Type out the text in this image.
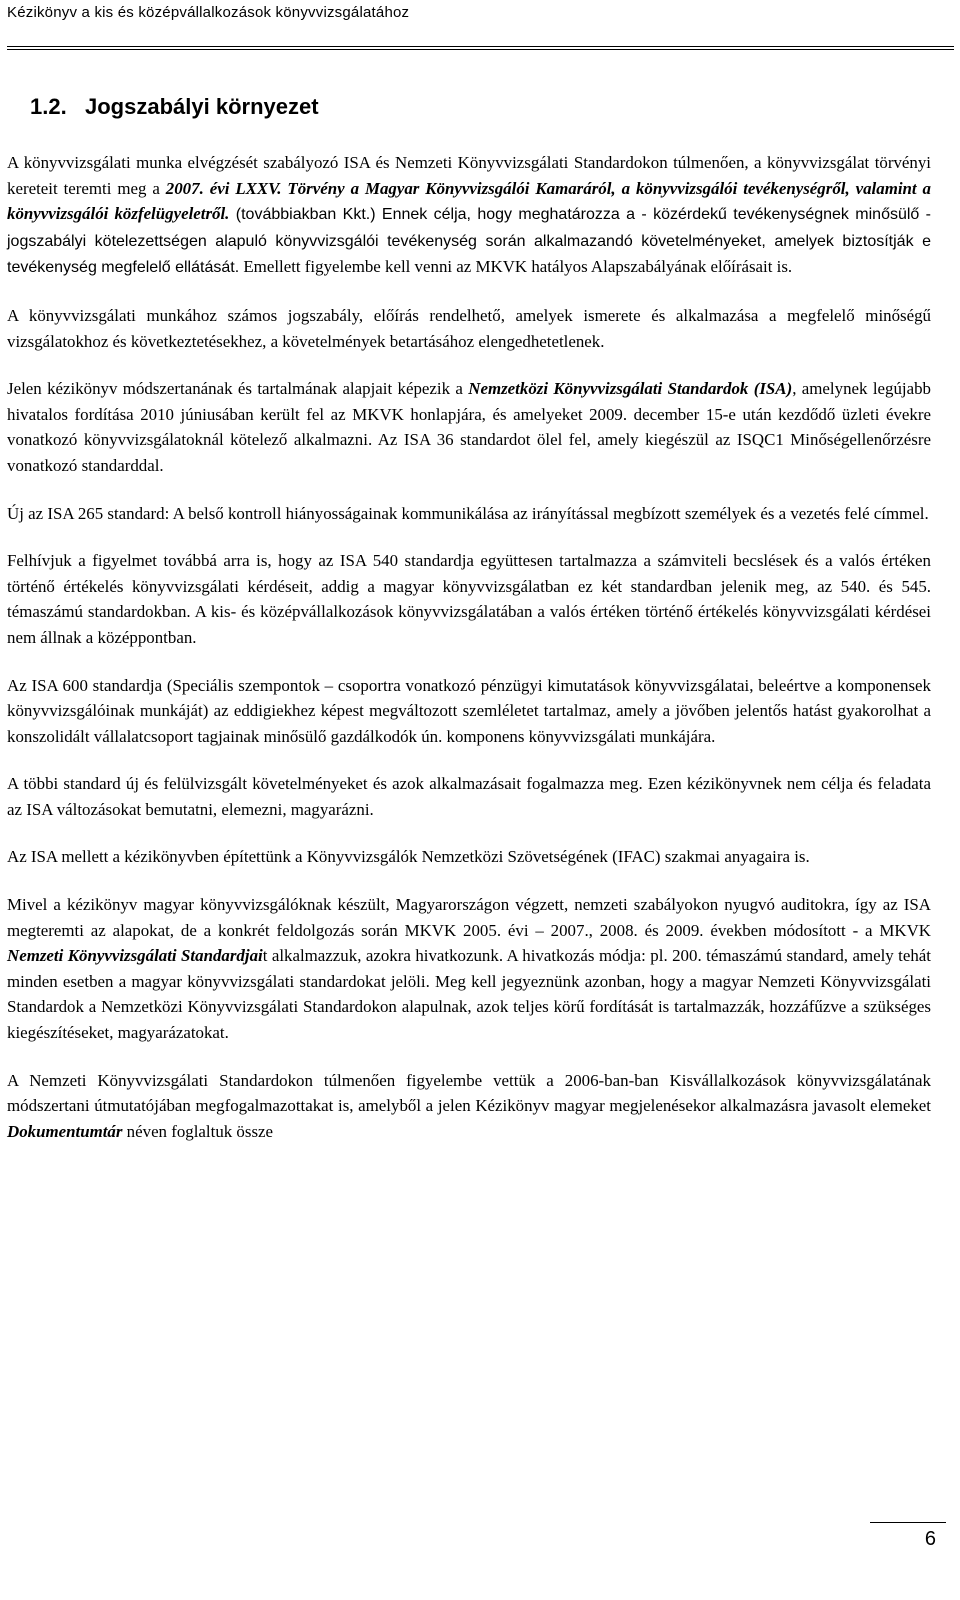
Kézikönyv a kis és középvállalkozások könyvvizsgálatához
1.2. Jogszabályi környezet

A könyvvizsgálati munka elvégzését szabályozó ISA és Nemzeti Könyvvizsgálati Standardokon túlmenően, a könyvvizsgálat törvényi kereteit teremti meg a 2007. évi LXXV. Törvény a Magyar Könyvvizsgálói Kamaráról, a könyvvizsgálói tevékenységről, valamint a könyvvizsgálói közfelügyeletről. (továbbiakban Kkt.) Ennek célja, hogy meghatározza a - közérdekű tevékenységnek minősülő - jogszabályi kötelezettségen alapuló könyvvizsgálói tevékenység során alkalmazandó követelményeket, amelyek biztosítják e tevékenység megfelelő ellátását. Emellett figyelembe kell venni az MKVK hatályos Alapszabályának előírásait is.

A könyvvizsgálati munkához számos jogszabály, előírás rendelhető, amelyek ismerete és alkalmazása a megfelelő minőségű vizsgálatokhoz és következtetésekhez, a követelmények betartásához elengedhetetlenek.

Jelen kézikönyv módszertanának és tartalmának alapjait képezik a Nemzetközi Könyvvizsgálati Standardok (ISA), amelynek legújabb hivatalos fordítása 2010 júniusában került fel az MKVK honlapjára, és amelyeket 2009. december 15-e után kezdődő üzleti évekre vonatkozó könyvvizsgálatoknál kötelező alkalmazni. Az ISA 36 standardot ölel fel, amely kiegészül az ISQC1 Minőségellenőrzésre vonatkozó standarddal.

Új az ISA 265 standard: A belső kontroll hiányosságainak kommunikálása az irányítással megbízott személyek és a vezetés felé címmel.

Felhívjuk a figyelmet továbbá arra is, hogy az ISA 540 standardja együttesen tartalmazza a számviteli becslések és a valós értéken történő értékelés könyvvizsgálati kérdéseit, addig a magyar könyvvizsgálatban ez két standardban jelenik meg, az 540. és 545. témaszámú standardokban. A kis- és középvállalkozások könyvvizsgálatában a valós értéken történő értékelés könyvvizsgálati kérdései nem állnak a középpontban.

Az ISA 600 standardja (Speciális szempontok – csoportra vonatkozó pénzügyi kimutatások könyvvizsgálatai, beleértve a komponensek könyvvizsgálóinak munkáját) az eddigiekhez képest megváltozott szemléletet tartalmaz, amely a jövőben jelentős hatást gyakorolhat a konszolidált vállalatcsoport tagjainak minősülő gazdálkodók ún. komponens könyvvizsgálati munkájára.

A többi standard új és felülvizsgált követelményeket és azok alkalmazásait fogalmazza meg. Ezen kézikönyvnek nem célja és feladata az ISA változásokat bemutatni, elemezni, magyarázni.

Az ISA mellett a kézikönyvben építettünk a Könyvvizsgálók Nemzetközi Szövetségének (IFAC) szakmai anyagaira is.

Mivel a kézikönyv magyar könyvvizsgálóknak készült, Magyarországon végzett, nemzeti szabályokon nyugvó auditokra, így az ISA megteremti az alapokat, de a konkrét feldolgozás során MKVK 2005. évi – 2007., 2008. és 2009. években módosított - a MKVK Nemzeti Könyvvizsgálati Standardjait alkalmazzuk, azokra hivatkozunk. A hivatkozás módja: pl. 200. témaszámú standard, amely tehát minden esetben a magyar könyvvizsgálati standardokat jelöli. Meg kell jegyeznünk azonban, hogy a magyar Nemzeti Könyvvizsgálati Standardok a Nemzetközi Könyvvizsgálati Standardokon alapulnak, azok teljes körű fordítását is tartalmazzák, hozzáfűzve a szükséges kiegészítéseket, magyarázatokat.

A Nemzeti Könyvvizsgálati Standardokon túlmenően figyelembe vettük a 2006-ban-ban Kisvállalkozások könyvvizsgálatának módszertani útmutatójában megfogalmazottakat is, amelyből a jelen Kézikönyv magyar megjelenésekor alkalmazásra javasolt elemeket Dokumentumtár néven foglaltuk össze

6
